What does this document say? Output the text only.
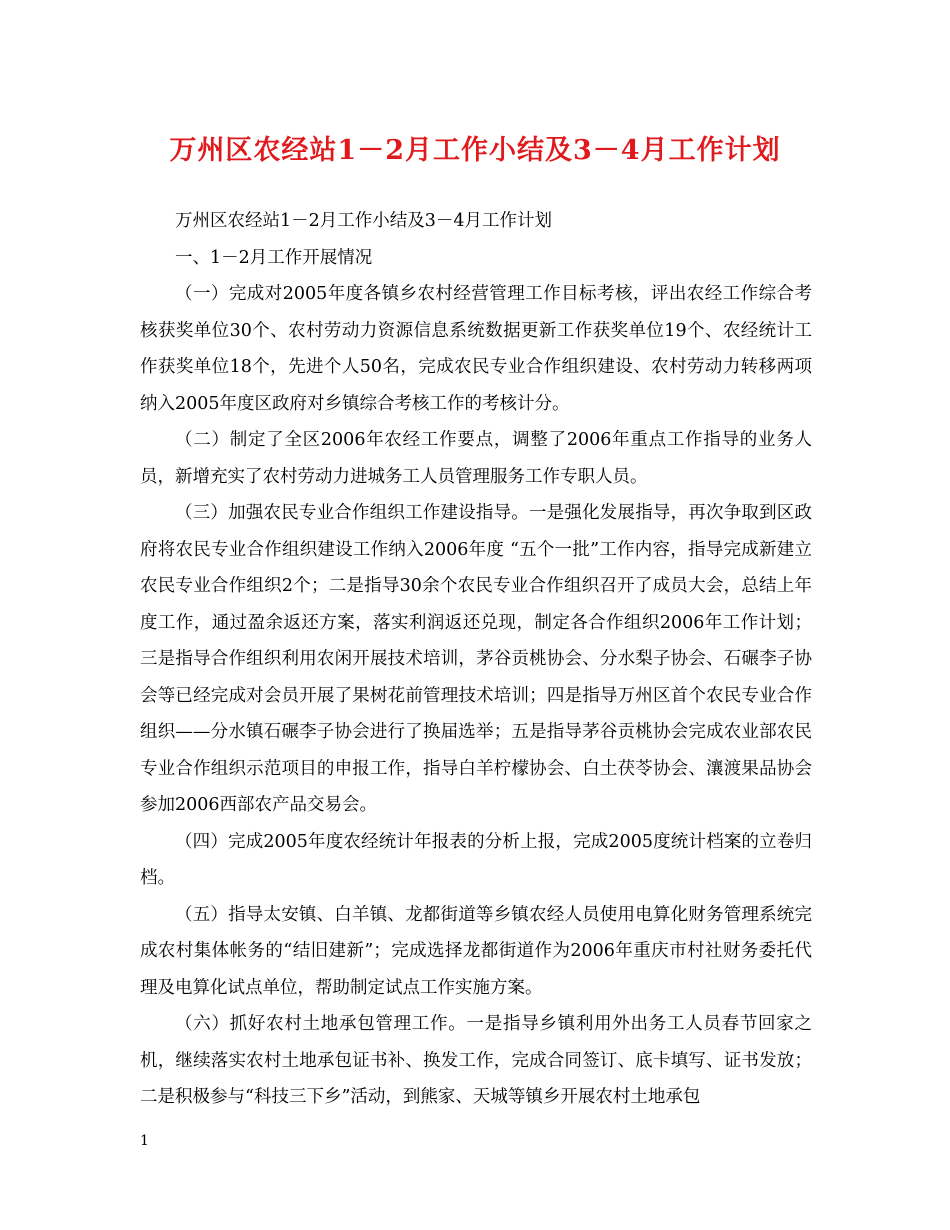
万州区农经站1－2月工作小结及3－4月工作计划

万州区农经站1－2月工作小结及3－4月工作计划

一、1－2月工作开展情况

（一）完成对2005年度各镇乡农村经营管理工作目标考核，评出农经工作综合考核获奖单位30个、农村劳动力资源信息系统数据更新工作获奖单位19个、农经统计工作获奖单位18个，先进个人50名，完成农民专业合作组织建设、农村劳动力转移两项纳入2005年度区政府对乡镇综合考核工作的考核计分。

（二）制定了全区2006年农经工作要点，调整了2006年重点工作指导的业务人员，新增充实了农村劳动力进城务工人员管理服务工作专职人员。

（三）加强农民专业合作组织工作建设指导。一是强化发展指导，再次争取到区政府将农民专业合作组织建设工作纳入2006年度 “五个一批”工作内容，指导完成新建立农民专业合作组织2个；二是指导30余个农民专业合作组织召开了成员大会，总结上年度工作，通过盈余返还方案，落实利润返还兑现，制定各合作组织2006年工作计划；三是指导合作组织利用农闲开展技术培训，茅谷贡桃协会、分水梨子协会、石碾李子协会等已经完成对会员开展了果树花前管理技术培训；四是指导万州区首个农民专业合作组织——分水镇石碾李子协会进行了换届选举；五是指导茅谷贡桃协会完成农业部农民专业合作组织示范项目的申报工作，指导白羊柠檬协会、白土茯苓协会、瀼渡果品协会参加2006西部农产品交易会。

（四）完成2005年度农经统计年报表的分析上报，完成2005度统计档案的立卷归档。

（五）指导太安镇、白羊镇、龙都街道等乡镇农经人员使用电算化财务管理系统完成农村集体帐务的“结旧建新”；完成选择龙都街道作为2006年重庆市村社财务委托代理及电算化试点单位，帮助制定试点工作实施方案。

（六）抓好农村土地承包管理工作。一是指导乡镇利用外出务工人员春节回家之机，继续落实农村土地承包证书补、换发工作，完成合同签订、底卡填写、证书发放；二是积极参与“科技三下乡”活动，到熊家、天城等镇乡开展农村土地承包

1
